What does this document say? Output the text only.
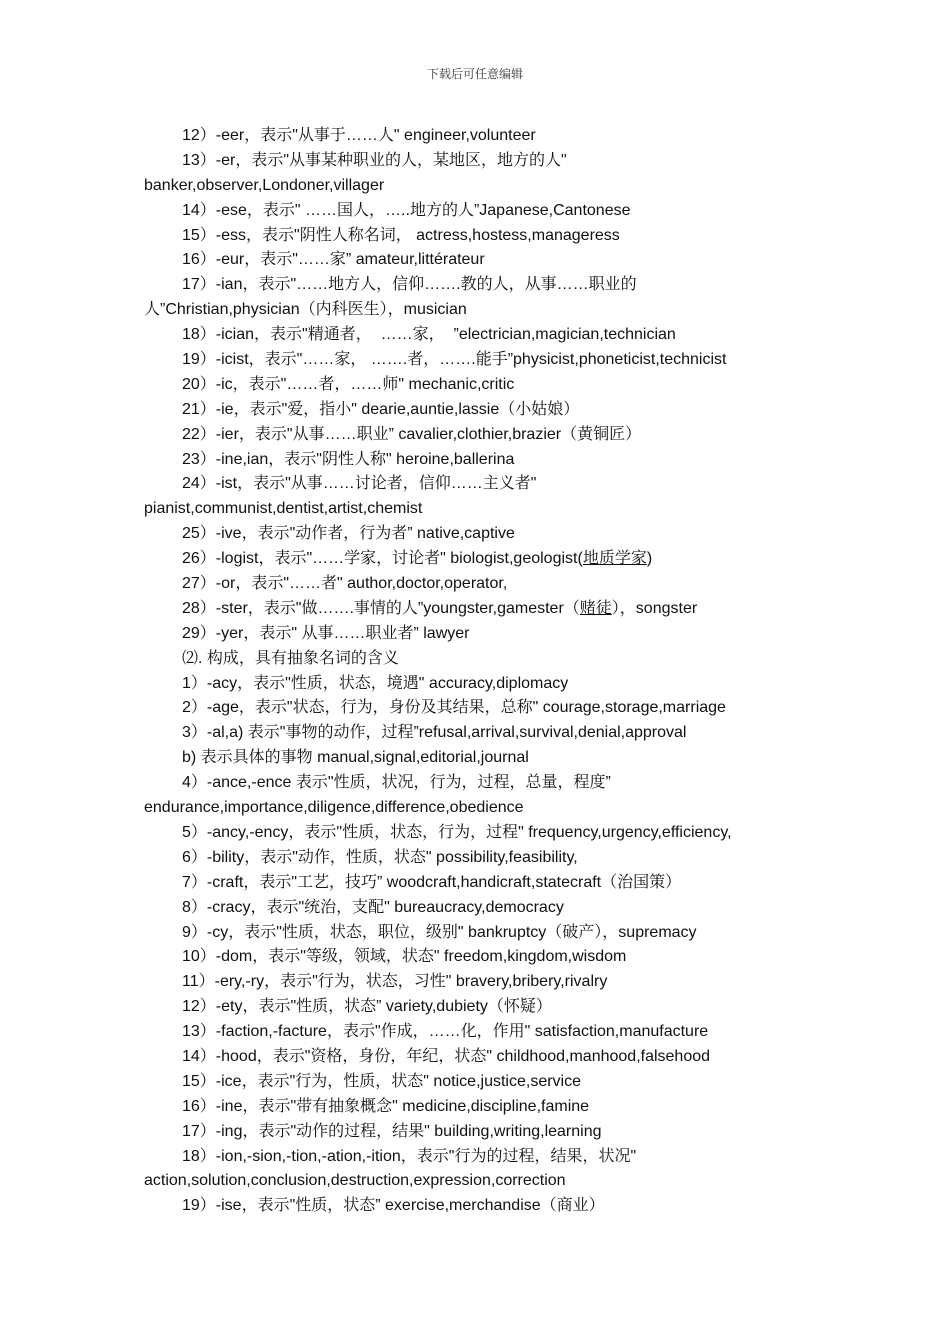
下载后可任意编辑
12）-eer，表示"从事于……人" engineer,volunteer
13）-er，表示"从事某种职业的人，某地区，地方的人"
banker,observer,Londoner,villager
14）-ese，表示" ……国人，…..地方的人”Japanese,Cantonese
15）-ess，表示"阴性人称名词， actress,hostess,manageress
16）-eur，表示"……家” amateur,littérateur
17）-ian，表示"……地方人，信仰…….教的人，从事……职业的
人”Christian,physician（内科医生），musician
18）-ician，表示"精通者，  ……家，  ”electrician,magician,technician
19）-icist，表示"……家， …….者，…….能手”physicist,phoneticist,technicist
20）-ic，表示"……者，……师" mechanic,critic
21）-ie，表示"爱，指小" dearie,auntie,lassie（小姑娘）
22）-ier，表示"从事……职业” cavalier,clothier,brazier（黄铜匠）
23）-ine,ian，表示"阴性人称" heroine,ballerina
24）-ist，表示"从事……讨论者，信仰……主义者"
pianist,communist,dentist,artist,chemist
25）-ive，表示"动作者，行为者” native,captive
26）-logist，表示"……学家，讨论者" biologist,geologist(地质学家)
27）-or，表示"……者" author,doctor,operator,
28）-ster，表示"做…….事情的人”youngster,gamester（赌徒），songster
29）-yer，表示" 从事……职业者” lawyer
⑵. 构成，具有抽象名词的含义
1）-acy，表示"性质，状态，境遇" accuracy,diplomacy
2）-age，表示"状态，行为，身份及其结果，总称" courage,storage,marriage
3）-al,a) 表示"事物的动作，过程”refusal,arrival,survival,denial,approval
b) 表示具体的事物 manual,signal,editorial,journal
4）-ance,-ence 表示"性质，状况，行为，过程，总量，程度”
endurance,importance,diligence,difference,obedience
5）-ancy,-ency，表示"性质，状态，行为，过程" frequency,urgency,efficiency,
6）-bility，表示"动作，性质，状态" possibility,feasibility,
7）-craft，表示"工艺，技巧” woodcraft,handicraft,statecraft（治国策）
8）-cracy，表示"统治，支配" bureaucracy,democracy
9）-cy，表示"性质，状态，职位，级别" bankruptcy（破产），supremacy
10）-dom，表示"等级，领域，状态" freedom,kingdom,wisdom
11）-ery,-ry，表示"行为，状态，习性" bravery,bribery,rivalry
12）-ety，表示"性质，状态” variety,dubiety（怀疑）
13）-faction,-facture，表示"作成，……化，作用" satisfaction,manufacture
14）-hood，表示"资格，身份，年纪，状态" childhood,manhood,falsehood
15）-ice，表示"行为，性质，状态" notice,justice,service
16）-ine，表示"带有抽象概念" medicine,discipline,famine
17）-ing，表示"动作的过程，结果" building,writing,learning
18）-ion,-sion,-tion,-ation,-ition，表示"行为的过程，结果，状况"
action,solution,conclusion,destruction,expression,correction
19）-ise，表示"性质，状态” exercise,merchandise（商业）
